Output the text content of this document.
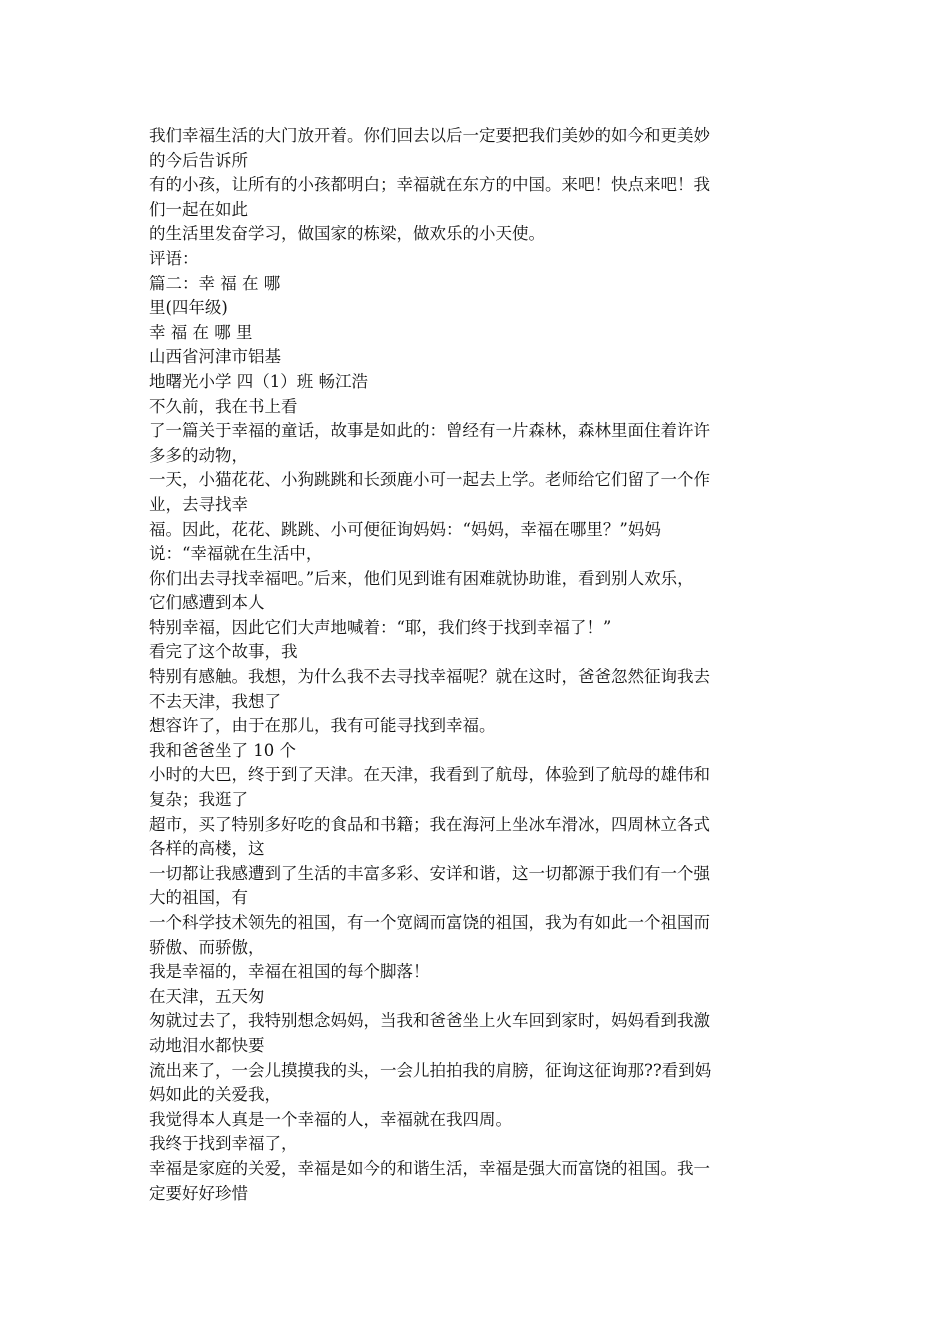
我们幸福生活的大门放开着。你们回去以后一定要把我们美妙的如今和更美妙
的今后告诉所
有的小孩，让所有的小孩都明白；幸福就在东方的中国。来吧！快点来吧！我
们一起在如此
的生活里发奋学习，做国家的栋梁，做欢乐的小天使。
评语：
篇二：幸 福 在 哪
里(四年级)
幸 福 在 哪 里
山西省河津市铝基
地曙光小学 四（1）班 畅江浩
不久前，我在书上看
了一篇关于幸福的童话，故事是如此的：曾经有一片森林，森林里面住着许许
多多的动物，
一天，小猫花花、小狗跳跳和长颈鹿小可一起去上学。老师给它们留了一个作
业，去寻找幸
福。因此，花花、跳跳、小可便征询妈妈：“妈妈，幸福在哪里？”妈妈
说：“幸福就在生活中，
你们出去寻找幸福吧。”后来，他们见到谁有困难就协助谁，看到别人欢乐，
它们感遭到本人
特别幸福，因此它们大声地喊着：“耶，我们终于找到幸福了！”
看完了这个故事，我
特别有感触。我想，为什么我不去寻找幸福呢？就在这时，爸爸忽然征询我去
不去天津，我想了
想容许了，由于在那儿，我有可能寻找到幸福。
我和爸爸坐了 10 个
小时的大巴，终于到了天津。在天津，我看到了航母，体验到了航母的雄伟和
复杂；我逛了
超市，买了特别多好吃的食品和书籍；我在海河上坐冰车滑冰，四周林立各式
各样的高楼，这
一切都让我感遭到了生活的丰富多彩、安详和谐，这一切都源于我们有一个强
大的祖国，有
一个科学技术领先的祖国，有一个宽阔而富饶的祖国，我为有如此一个祖国而
骄傲、而骄傲，
我是幸福的，幸福在祖国的每个脚落！
在天津，五天匆
匆就过去了，我特别想念妈妈，当我和爸爸坐上火车回到家时，妈妈看到我激
动地泪水都快要
流出来了，一会儿摸摸我的头，一会儿拍拍我的肩膀，征询这征询那??看到妈
妈如此的关爱我，
我觉得本人真是一个幸福的人，幸福就在我四周。
我终于找到幸福了，
幸福是家庭的关爱，幸福是如今的和谐生活，幸福是强大而富饶的祖国。我一
定要好好珍惜
